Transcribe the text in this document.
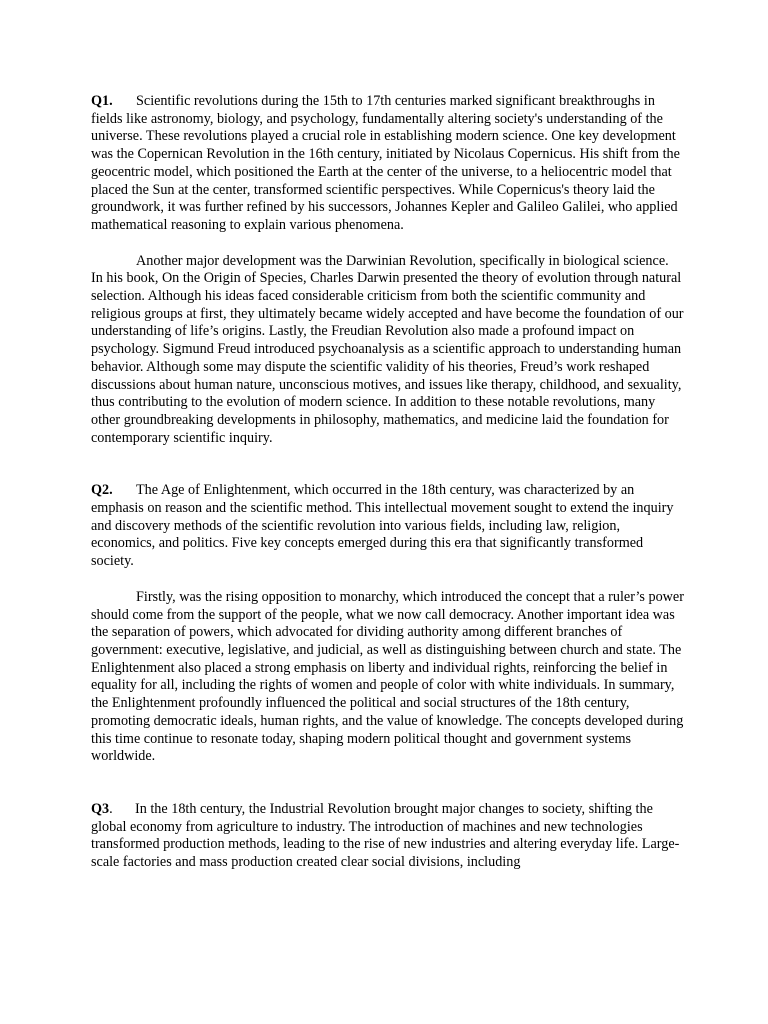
Q1. Scientific revolutions during the 15th to 17th centuries marked significant breakthroughs in fields like astronomy, biology, and psychology, fundamentally altering society's understanding of the universe. These revolutions played a crucial role in establishing modern science. One key development was the Copernican Revolution in the 16th century, initiated by Nicolaus Copernicus. His shift from the geocentric model, which positioned the Earth at the center of the universe, to a heliocentric model that placed the Sun at the center, transformed scientific perspectives. While Copernicus's theory laid the groundwork, it was further refined by his successors, Johannes Kepler and Galileo Galilei, who applied mathematical reasoning to explain various phenomena.

Another major development was the Darwinian Revolution, specifically in biological science. In his book, On the Origin of Species, Charles Darwin presented the theory of evolution through natural selection. Although his ideas faced considerable criticism from both the scientific community and religious groups at first, they ultimately became widely accepted and have become the foundation of our understanding of life’s origins. Lastly, the Freudian Revolution also made a profound impact on psychology. Sigmund Freud introduced psychoanalysis as a scientific approach to understanding human behavior. Although some may dispute the scientific validity of his theories, Freud’s work reshaped discussions about human nature, unconscious motives, and issues like therapy, childhood, and sexuality, thus contributing to the evolution of modern science. In addition to these notable revolutions, many other groundbreaking developments in philosophy, mathematics, and medicine laid the foundation for contemporary scientific inquiry.

Q2. The Age of Enlightenment, which occurred in the 18th century, was characterized by an emphasis on reason and the scientific method. This intellectual movement sought to extend the inquiry and discovery methods of the scientific revolution into various fields, including law, religion, economics, and politics. Five key concepts emerged during this era that significantly transformed society.

Firstly, was the rising opposition to monarchy, which introduced the concept that a ruler’s power should come from the support of the people, what we now call democracy. Another important idea was the separation of powers, which advocated for dividing authority among different branches of government: executive, legislative, and judicial, as well as distinguishing between church and state. The Enlightenment also placed a strong emphasis on liberty and individual rights, reinforcing the belief in equality for all, including the rights of women and people of color with white individuals. In summary, the Enlightenment profoundly influenced the political and social structures of the 18th century, promoting democratic ideals, human rights, and the value of knowledge. The concepts developed during this time continue to resonate today, shaping modern political thought and government systems worldwide.

Q3. In the 18th century, the Industrial Revolution brought major changes to society, shifting the global economy from agriculture to industry. The introduction of machines and new technologies transformed production methods, leading to the rise of new industries and altering everyday life. Large-scale factories and mass production created clear social divisions, including
